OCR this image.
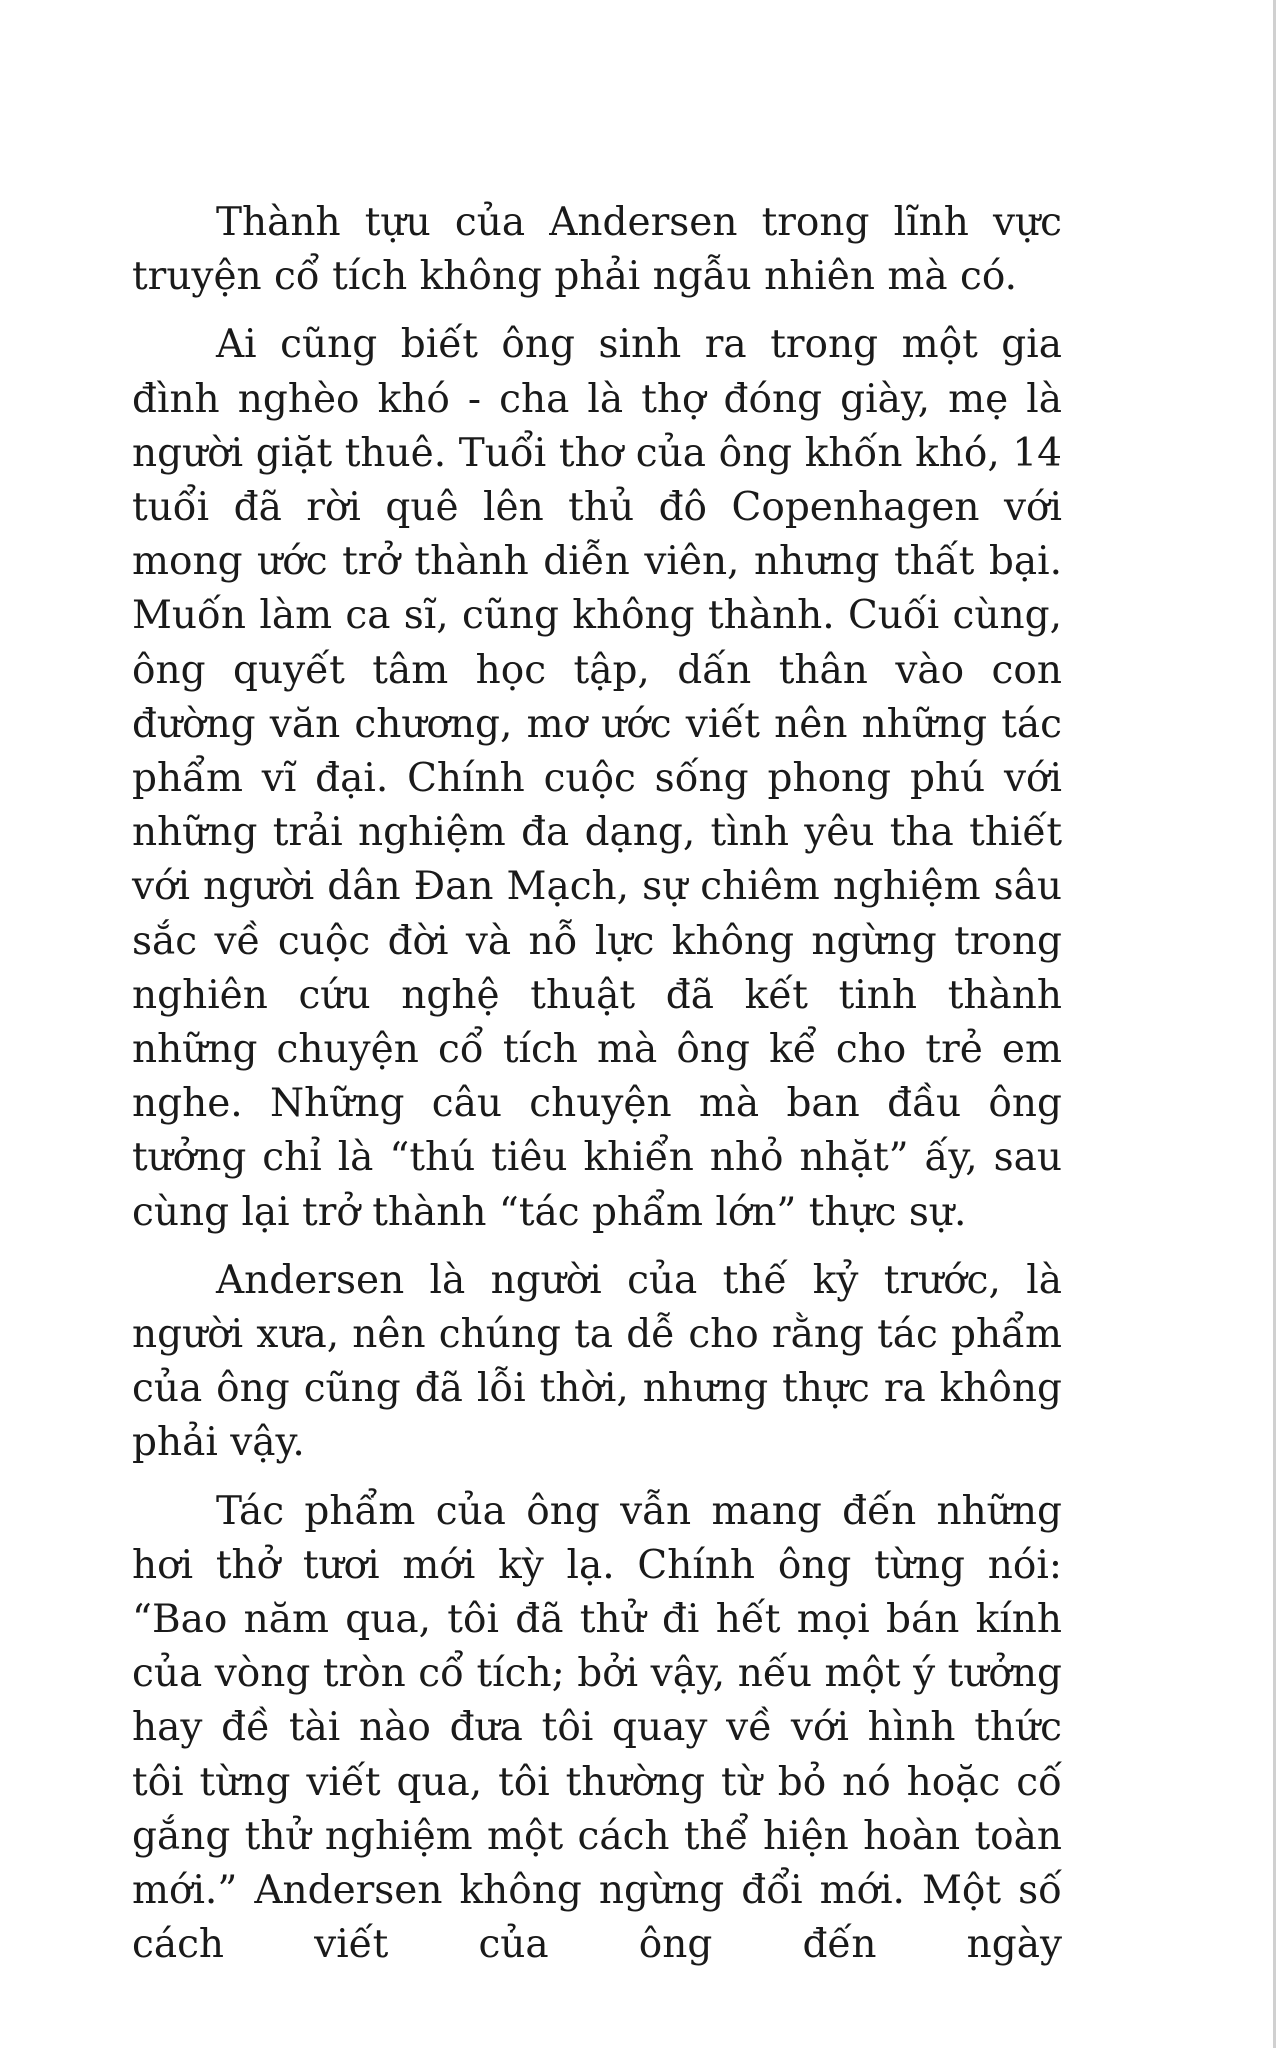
Thành tựu của Andersen trong lĩnh vực truyện cổ tích không phải ngẫu nhiên mà có.

Ai cũng biết ông sinh ra trong một gia đình nghèo khó - cha là thợ đóng giày, mẹ là người giặt thuê. Tuổi thơ của ông khốn khó, 14 tuổi đã rời quê lên thủ đô Copenhagen với mong ước trở thành diễn viên, nhưng thất bại. Muốn làm ca sĩ, cũng không thành. Cuối cùng, ông quyết tâm học tập, dấn thân vào con đường văn chương, mơ ước viết nên những tác phẩm vĩ đại. Chính cuộc sống phong phú với những trải nghiệm đa dạng, tình yêu tha thiết với người dân Đan Mạch, sự chiêm nghiệm sâu sắc về cuộc đời và nỗ lực không ngừng trong nghiên cứu nghệ thuật đã kết tinh thành những chuyện cổ tích mà ông kể cho trẻ em nghe. Những câu chuyện mà ban đầu ông tưởng chỉ là “thú tiêu khiển nhỏ nhặt” ấy, sau cùng lại trở thành “tác phẩm lớn” thực sự.

Andersen là người của thế kỷ trước, là người xưa, nên chúng ta dễ cho rằng tác phẩm của ông cũng đã lỗi thời, nhưng thực ra không phải vậy.

Tác phẩm của ông vẫn mang đến những hơi thở tươi mới kỳ lạ. Chính ông từng nói: “Bao năm qua, tôi đã thử đi hết mọi bán kính của vòng tròn cổ tích; bởi vậy, nếu một ý tưởng hay đề tài nào đưa tôi quay về với hình thức tôi từng viết qua, tôi thường từ bỏ nó hoặc cố gắng thử nghiệm một cách thể hiện hoàn toàn mới.” Andersen không ngừng đổi mới. Một số cách viết của ông đến ngày
